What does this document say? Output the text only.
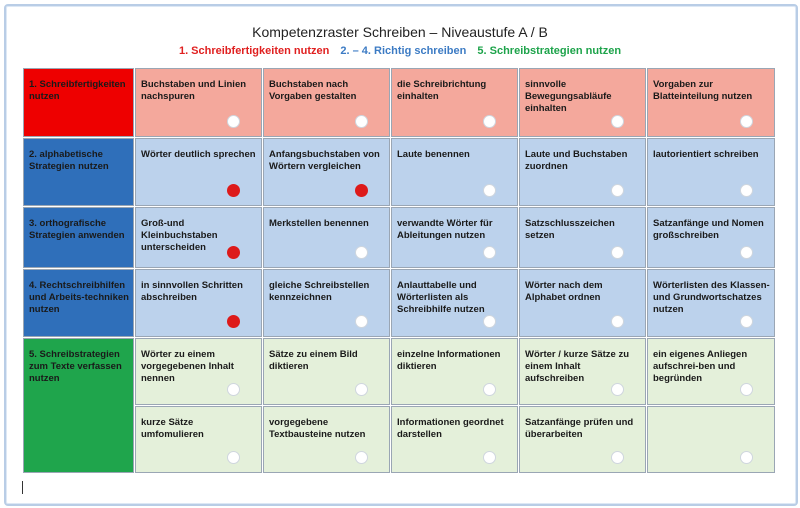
Kompetenzraster Schreiben – Niveaustufe A / B
1. Schreibfertigkeiten nutzen 2. – 4. Richtig schreiben 5. Schreibstrategien nutzen
1. Schreibfertigkeiten nutzen	Buchstaben und Linien nachspuren	Buchstaben nach Vorgaben gestalten	die Schreibrichtung einhalten	sinnvolle Bewegungsabläufe einhalten	Vorgaben zur Blatteinteilung nutzen

2. alphabetische Strategien nutzen	Wörter deutlich sprechen	Anfangsbuchstaben von Wörtern vergleichen	Laute benennen	Laute und Buchstaben zuordnen	lautorientiert schreiben

3. orthografische Strategien anwenden	Groß-und Kleinbuchstaben unterscheiden	Merkstellen benennen	verwandte Wörter für Ableitungen nutzen	Satzschlusszeichen setzen	Satzanfänge und Nomen großschreiben

4. Rechtschreibhilfen und Arbeits-techniken nutzen	in sinnvollen Schritten abschreiben	gleiche Schreibstellen kennzeichnen	Anlauttabelle und Wörterlisten als Schreibhilfe nutzen	Wörter nach dem Alphabet ordnen	Wörterlisten des Klassen- und Grundwortschatzes nutzen

5. Schreibstrategien zum Texte verfassen nutzen	Wörter zu einem vorgegebenen Inhalt nennen	Sätze zu einem Bild diktieren	einzelne Informationen diktieren	Wörter / kurze Sätze zu einem Inhalt aufschreiben	ein eigenes Anliegen aufschrei-ben und begründen

	kurze Sätze umfomulieren	vorgegebene Textbausteine nutzen	Informationen geordnet darstellen	Satzanfänge prüfen und überarbeiten
